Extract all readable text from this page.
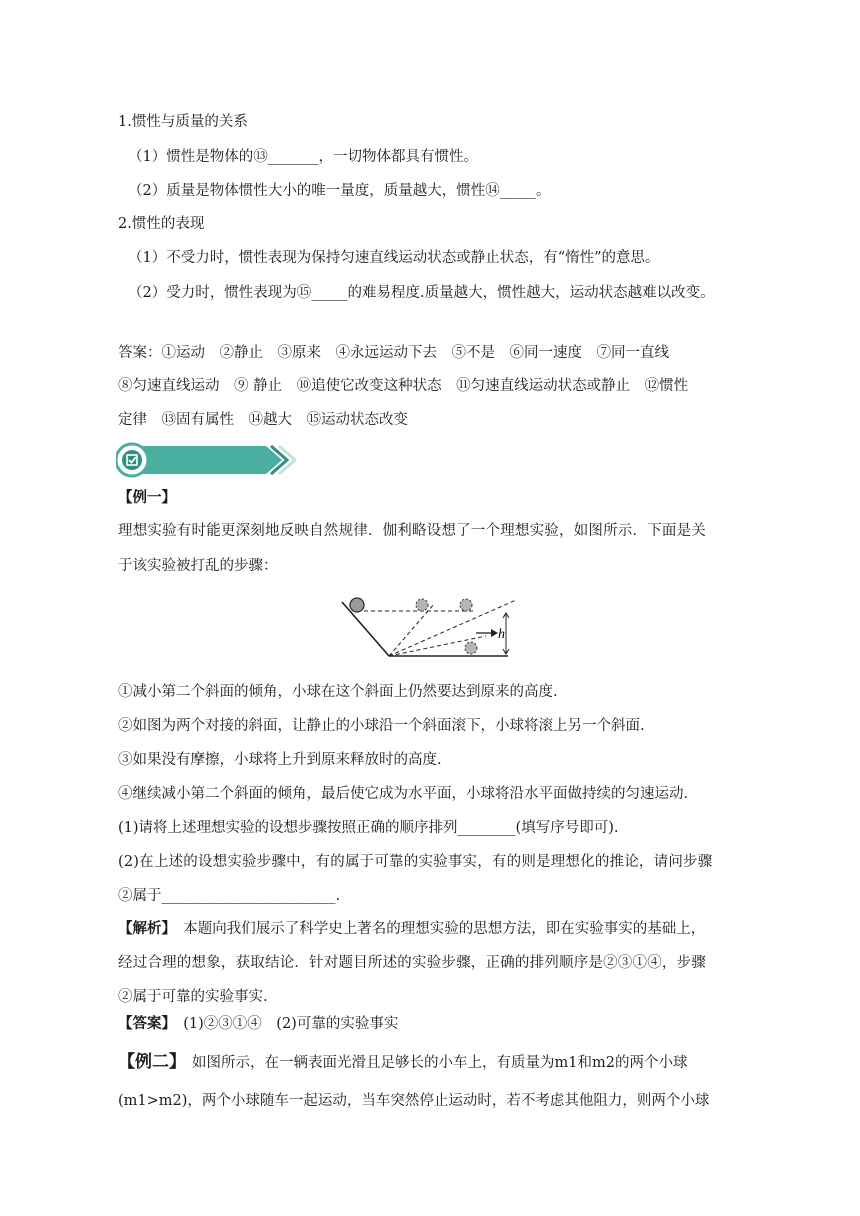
1.惯性与质量的关系
（1）惯性是物体的⑬_______，一切物体都具有惯性。
（2）质量是物体惯性大小的唯一量度，质量越大，惯性⑭_____。
2.惯性的表现
（1）不受力时，惯性表现为保持匀速直线运动状态或静止状态，有“惰性”的意思。
（2）受力时，惯性表现为⑮_____的难易程度.质量越大，惯性越大，运动状态越难以改变。
答案：①运动　②静止　③原来　④永远运动下去　⑤不是　⑥同一速度　⑦同一直线
⑧匀速直线运动　⑨ 静止　⑩追使它改变这种状态　⑪匀速直线运动状态或静止　⑫惯性
定律　⑬固有属性　⑭越大　⑮运动状态改变
【例一】
理想实验有时能更深刻地反映自然规律．伽利略设想了一个理想实验，如图所示．下面是关
于该实验被打乱的步骤：
h
①减小第二个斜面的倾角，小球在这个斜面上仍然要达到原来的高度.
②如图为两个对接的斜面，让静止的小球沿一个斜面滚下，小球将滚上另一个斜面.
③如果没有摩擦，小球将上升到原来释放时的高度.
④继续减小第二个斜面的倾角，最后使它成为水平面，小球将沿水平面做持续的匀速运动.
(1)请将上述理想实验的设想步骤按照正确的顺序排列________(填写序号即可).
(2)在上述的设想实验步骤中，有的属于可靠的实验事实，有的则是理想化的推论，请问步骤
②属于________________________.
【解析】　本题向我们展示了科学史上著名的理想实验的思想方法，即在实验事实的基础上，
经过合理的想象，获取结论．针对题目所述的实验步骤，正确的排列顺序是②③①④，步骤
②属于可靠的实验事实.
【答案】　(1)②③①④　(2)可靠的实验事实
【例二】　如图所示，在一辆表面光滑且足够长的小车上，有质量为m1和m2的两个小球
(m1>m2)，两个小球随车一起运动，当车突然停止运动时，若不考虑其他阻力，则两个小球
